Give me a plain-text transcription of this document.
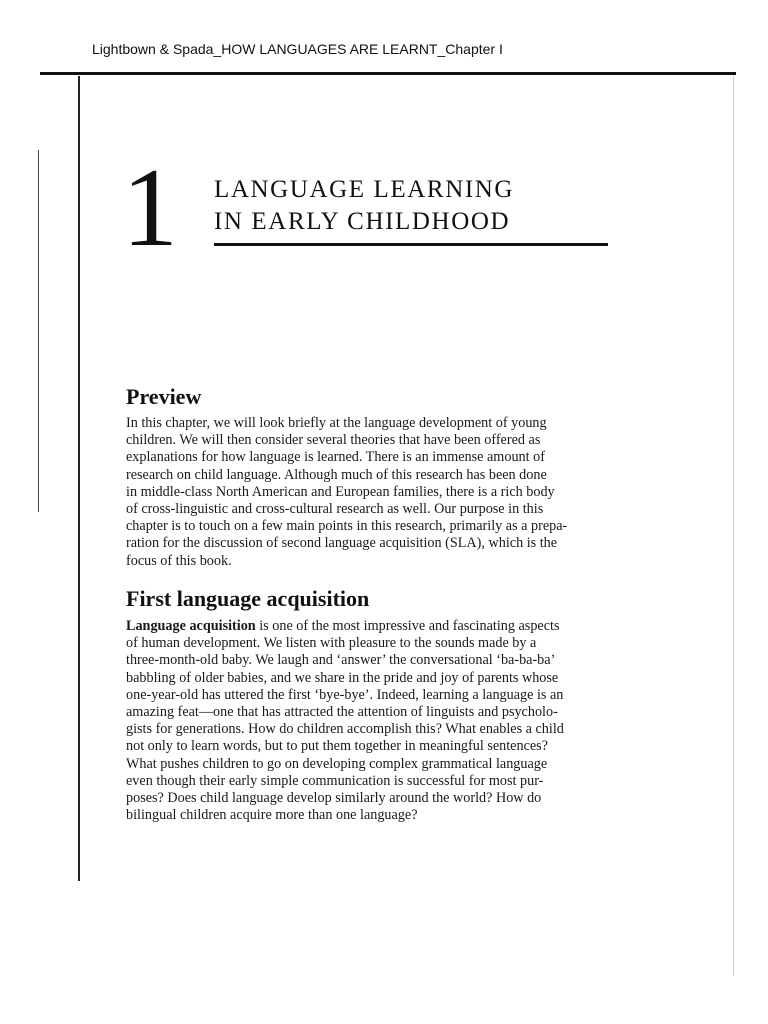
Lightbown & Spada_HOW LANGUAGES ARE LEARNT_Chapter I
1 LANGUAGE LEARNING
IN EARLY CHILDHOOD
Preview
In this chapter, we will look briefly at the language development of young
children. We will then consider several theories that have been offered as
explanations for how language is learned. There is an immense amount of
research on child language. Although much of this research has been done
in middle-class North American and European families, there is a rich body
of cross-linguistic and cross-cultural research as well. Our purpose in this
chapter is to touch on a few main points in this research, primarily as a prepa-
ration for the discussion of second language acquisition (SLA), which is the
focus of this book.
First language acquisition
Language acquisition is one of the most impressive and fascinating aspects
of human development. We listen with pleasure to the sounds made by a
three-month-old baby. We laugh and ‘answer’ the conversational ‘ba-ba-ba’
babbling of older babies, and we share in the pride and joy of parents whose
one-year-old has uttered the first ‘bye-bye’. Indeed, learning a language is an
amazing feat—one that has attracted the attention of linguists and psycholo-
gists for generations. How do children accomplish this? What enables a child
not only to learn words, but to put them together in meaningful sentences?
What pushes children to go on developing complex grammatical language
even though their early simple communication is successful for most pur-
poses? Does child language develop similarly around the world? How do
bilingual children acquire more than one language?
